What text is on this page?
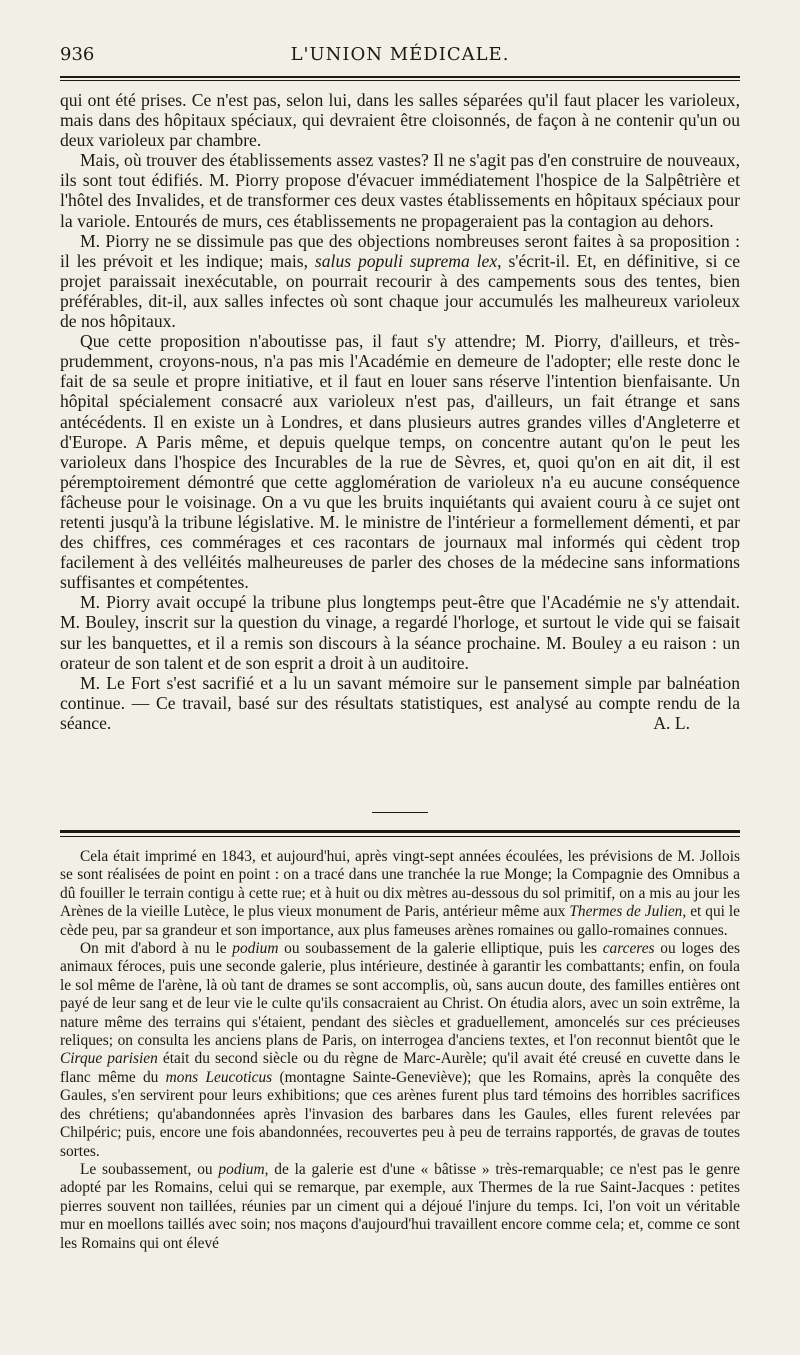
936	L'UNION MÉDICALE.

qui ont été prises. Ce n'est pas, selon lui, dans les salles séparées qu'il faut placer les varioleux, mais dans des hôpitaux spéciaux, qui devraient être cloisonnés, de façon à ne contenir qu'un ou deux varioleux par chambre.

Mais, où trouver des établissements assez vastes? Il ne s'agit pas d'en construire de nouveaux, ils sont tout édifiés. M. Piorry propose d'évacuer immédiatement l'hospice de la Salpêtrière et l'hôtel des Invalides, et de transformer ces deux vastes établissements en hôpitaux spéciaux pour la variole. Entourés de murs, ces établissements ne propageraient pas la contagion au dehors.

M. Piorry ne se dissimule pas que des objections nombreuses seront faites à sa proposition : il les prévoit et les indique; mais, salus populi suprema lex, s'écrit-il. Et, en définitive, si ce projet paraissait inexécutable, on pourrait recourir à des campements sous des tentes, bien préférables, dit-il, aux salles infectes où sont chaque jour accumulés les malheureux varioleux de nos hôpitaux.

Que cette proposition n'aboutisse pas, il faut s'y attendre; M. Piorry, d'ailleurs, et très-prudemment, croyons-nous, n'a pas mis l'Académie en demeure de l'adopter; elle reste donc le fait de sa seule et propre initiative, et il faut en louer sans réserve l'intention bienfaisante. Un hôpital spécialement consacré aux varioleux n'est pas, d'ailleurs, un fait étrange et sans antécédents. Il en existe un à Londres, et dans plusieurs autres grandes villes d'Angleterre et d'Europe. A Paris même, et depuis quelque temps, on concentre autant qu'on le peut les varioleux dans l'hospice des Incurables de la rue de Sèvres, et, quoi qu'on en ait dit, il est péremptoirement démontré que cette agglomération de varioleux n'a eu aucune conséquence fâcheuse pour le voisinage. On a vu que les bruits inquiétants qui avaient couru à ce sujet ont retenti jusqu'à la tribune législative. M. le ministre de l'intérieur a formellement démenti, et par des chiffres, ces commérages et ces racontars de journaux mal informés qui cèdent trop facilement à des velléités malheureuses de parler des choses de la médecine sans informations suffisantes et compétentes.

M. Piorry avait occupé la tribune plus longtemps peut-être que l'Académie ne s'y attendait. M. Bouley, inscrit sur la question du vinage, a regardé l'horloge, et surtout le vide qui se faisait sur les banquettes, et il a remis son discours à la séance prochaine. M. Bouley a eu raison : un orateur de son talent et de son esprit a droit à un auditoire.

M. Le Fort s'est sacrifié et a lu un savant mémoire sur le pansement simple par balnéation continue. — Ce travail, basé sur des résultats statistiques, est analysé au compte rendu de la séance.	A. L.

Cela était imprimé en 1843, et aujourd'hui, après vingt-sept années écoulées, les prévisions de M. Jollois se sont réalisées de point en point : on a tracé dans une tranchée la rue Monge; la Compagnie des Omnibus a dû fouiller le terrain contigu à cette rue; et à huit ou dix mètres au-dessous du sol primitif, on a mis au jour les Arènes de la vieille Lutèce, le plus vieux monument de Paris, antérieur même aux Thermes de Julien, et qui le cède peu, par sa grandeur et son importance, aux plus fameuses arènes romaines ou gallo-romaines connues.

On mit d'abord à nu le podium ou soubassement de la galerie elliptique, puis les carceres ou loges des animaux féroces, puis une seconde galerie, plus intérieure, destinée à garantir les combattants; enfin, on foula le sol même de l'arène, là où tant de drames se sont accomplis, où, sans aucun doute, des familles entières ont payé de leur sang et de leur vie le culte qu'ils consacraient au Christ. On étudia alors, avec un soin extrême, la nature même des terrains qui s'étaient, pendant des siècles et graduellement, amoncelés sur ces précieuses reliques; on consulta les anciens plans de Paris, on interrogea d'anciens textes, et l'on reconnut bientôt que le Cirque parisien était du second siècle ou du règne de Marc-Aurèle; qu'il avait été creusé en cuvette dans le flanc même du mons Leucoticus (montagne Sainte-Geneviève); que les Romains, après la conquête des Gaules, s'en servirent pour leurs exhibitions; que ces arènes furent plus tard témoins des horribles sacrifices des chrétiens; qu'abandonnées après l'invasion des barbares dans les Gaules, elles furent relevées par Chilpéric; puis, encore une fois abandonnées, recouvertes peu à peu de terrains rapportés, de gravas de toutes sortes.

Le soubassement, ou podium, de la galerie est d'une « bâtisse » très-remarquable; ce n'est pas le genre adopté par les Romains, celui qui se remarque, par exemple, aux Thermes de la rue Saint-Jacques : petites pierres souvent non taillées, réunies par un ciment qui a déjoué l'injure du temps. Ici, l'on voit un véritable mur en moellons taillés avec soin; nos maçons d'aujourd'hui travaillent encore comme cela; et, comme ce sont les Romains qui ont élevé
